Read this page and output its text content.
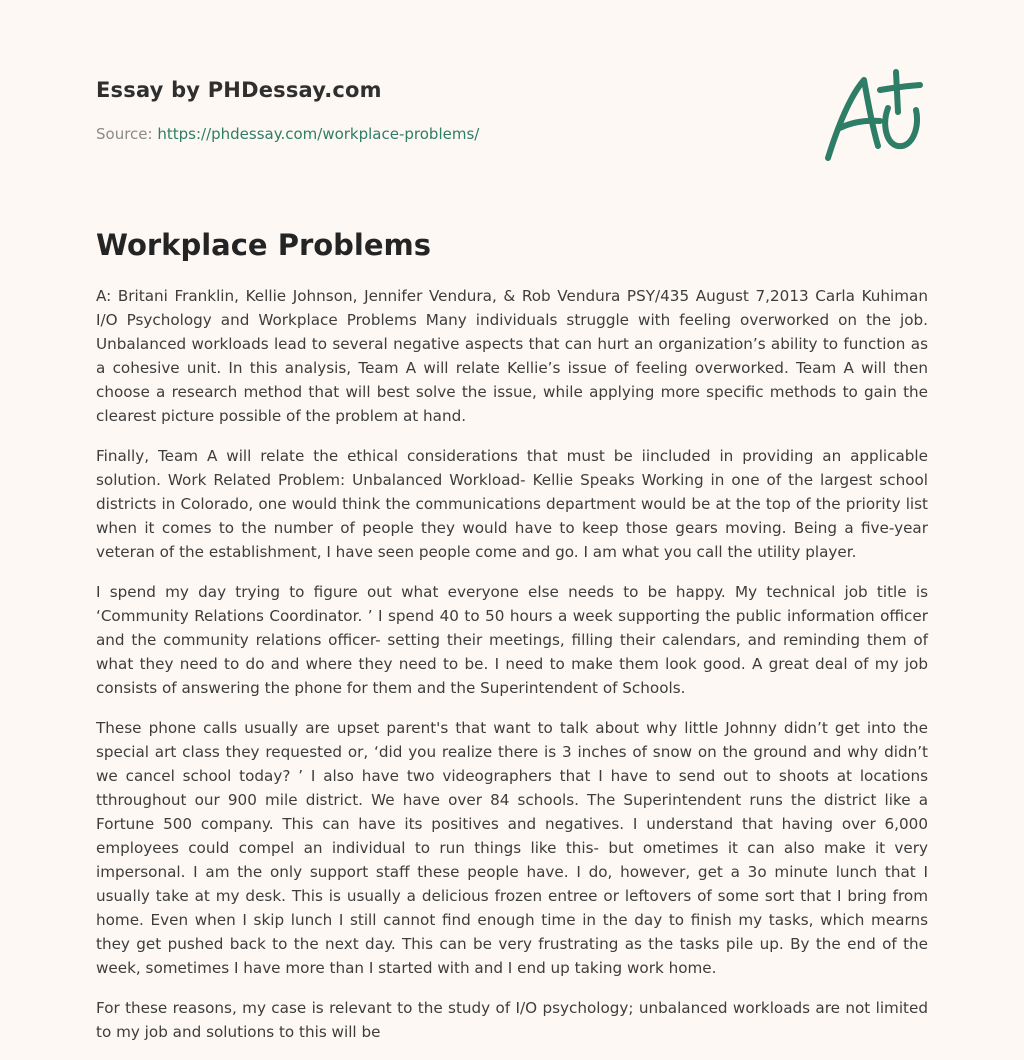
Essay by PHDessay.com
Source: https://phdessay.com/workplace-problems/
Workplace Problems

A: Britani Franklin, Kellie Johnson, Jennifer Vendura, & Rob Vendura PSY/435 August 7,2013 Carla Kuhiman I/O Psychology and Workplace Problems Many individuals struggle with feeling overworked on the job. Unbalanced workloads lead to several negative aspects that can hurt an organization’s ability to function as a cohesive unit. In this analysis, Team A will relate Kellie’s issue of feeling overworked. Team A will then choose a research method that will best solve the issue, while applying more specific methods to gain the clearest picture possible of the problem at hand.

Finally, Team A will relate the ethical considerations that must be iincluded in providing an applicable solution. Work Related Problem: Unbalanced Workload- Kellie Speaks Working in one of the largest school districts in Colorado, one would think the communications department would be at the top of the priority list when it comes to the number of people they would have to keep those gears moving. Being a five-year veteran of the establishment, I have seen people come and go. I am what you call the utility player.

I spend my day trying to figure out what everyone else needs to be happy. My technical job title is ‘Community Relations Coordinator. ’ I spend 40 to 50 hours a week supporting the public information officer and the community relations officer- setting their meetings, filling their calendars, and reminding them of what they need to do and where they need to be. I need to make them look good. A great deal of my job consists of answering the phone for them and the Superintendent of Schools.

These phone calls usually are upset parent's that want to talk about why little Johnny didn’t get into the special art class they requested or, ‘did you realize there is 3 inches of snow on the ground and why didn’t we cancel school today? ’ I also have two videographers that I have to send out to shoots at locations tthroughout our 900 mile district. We have over 84 schools. The Superintendent runs the district like a Fortune 500 company. This can have its positives and negatives. I understand that having over 6,000 employees could compel an individual to run things like this- but ometimes it can also make it very impersonal. I am the only support staff these people have. I do, however, get a 3o minute lunch that I usually take at my desk. This is usually a delicious frozen entree or leftovers of some sort that I bring from home. Even when I skip lunch I still cannot find enough time in the day to finish my tasks, which mearns they get pushed back to the next day. This can be very frustrating as the tasks pile up. By the end of the week, sometimes I have more than I started with and I end up taking work home.

For these reasons, my case is relevant to the study of I/O psychology; unbalanced workloads are not limited to my job and solutions to this will be
